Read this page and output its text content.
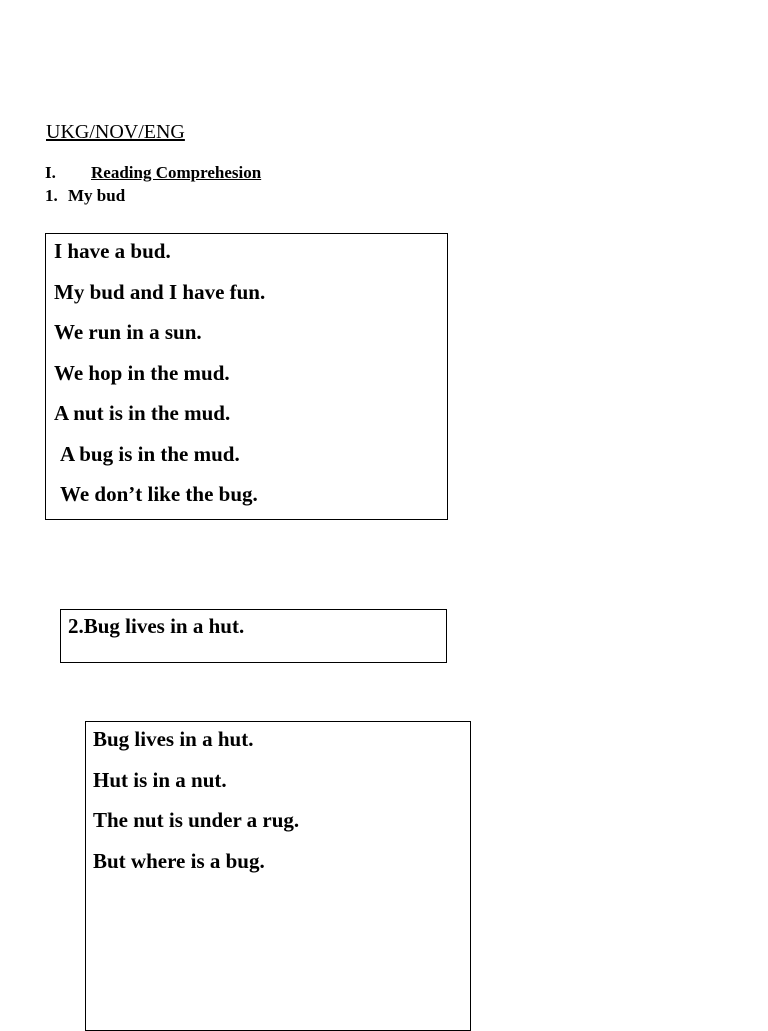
UKG/NOV/ENG
I. Reading Comprehesion
1. My bud
I have a bud.
My bud and I have fun.
We run in a sun.
We hop in the mud.
A nut is in the mud.
A bug is in the mud.
We don’t like the bug.
2.Bug lives in a hut.
Bug lives in a hut.
Hut is in a nut.
The nut is under a rug.
But where is a bug.
